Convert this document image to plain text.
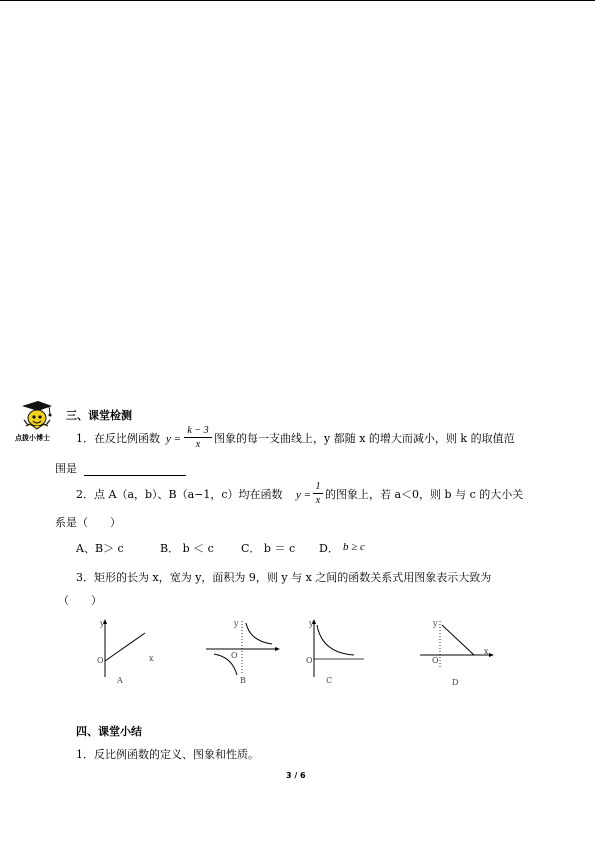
点拨小博士
三、课堂检测
1．在反比例函数 y =
k − 3
x	图象的每一支曲线上，y 都随 x 的增大而减小，则 k 的取值范
围是
2．点 A（a，b）、B（a−1，c）均在函数 y =
1
x 的图象上，若 a＜0，则 b 与 c 的大小关
系是（　　）
A、B＞ c	B． b ＜ c C． b ＝ c D． b ≥ c
3．矩形的长为 x，宽为 y，面积为 9，则 y 与 x 之间的函数关系式用图象表示大致为
（　　）
y
O	x
A
y
O
B
y
O
C
y
O
x
D
四、课堂小结
1．反比例函数的定义、图象和性质。
3 / 6
